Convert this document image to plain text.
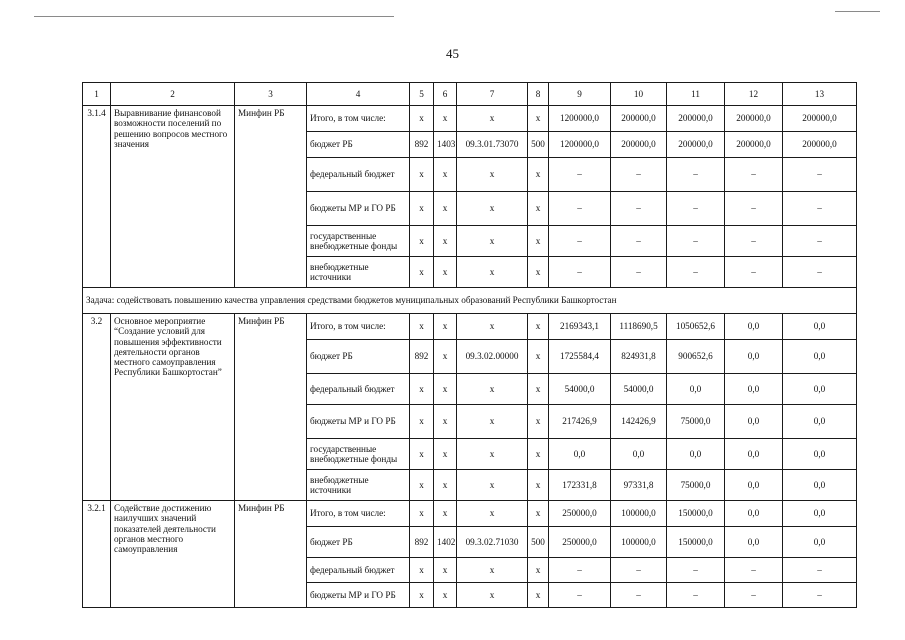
45
1	2	3	4	5	6	7	8	9	10	11	12	13
3.1.4	Выравнивание финансовой возможности поселений по решению вопросов местного значения	Минфин РБ	Итого, в том числе:	х	х	х	х	1200000,0	200000,0	200000,0	200000,0	200000,0
			бюджет РБ	892	1403	09.3.01.73070	500	1200000,0	200000,0	200000,0	200000,0	200000,0
			федеральный бюджет	х	х	х	х	–	–	–	–	–
			бюджеты МР и ГО РБ	х	х	х	х	–	–	–	–	–
			государственные внебюджетные фонды	х	х	х	х	–	–	–	–	–
			внебюджетные источники	х	х	х	х	–	–	–	–	–
Задача: содействовать повышению качества управления средствами бюджетов муниципальных образований Республики Башкортостан												
3.2	Основное мероприятие “Создание условий для повышения эффективности деятельности органов местного самоуправления Республики Башкортостан”	Минфин РБ	Итого, в том числе:	х	х	х	х	2169343,1	1118690,5	1050652,6	0,0	0,0
			бюджет РБ	892	х	09.3.02.00000	х	1725584,4	824931,8	900652,6	0,0	0,0
			федеральный бюджет	х	х	х	х	54000,0	54000,0	0,0	0,0	0,0
			бюджеты МР и ГО РБ	х	х	х	х	217426,9	142426,9	75000,0	0,0	0,0
			государственные внебюджетные фонды	х	х	х	х	0,0	0,0	0,0	0,0	0,0
			внебюджетные источники	х	х	х	х	172331,8	97331,8	75000,0	0,0	0,0
3.2.1	Содействие достижению наилучших значений показателей деятельности органов местного самоуправления	Минфин РБ	Итого, в том числе:	х	х	х	х	250000,0	100000,0	150000,0	0,0	0,0
			бюджет РБ	892	1402	09.3.02.71030	500	250000,0	100000,0	150000,0	0,0	0,0
			федеральный бюджет	х	х	х	х	–	–	–	–	–
			бюджеты МР и ГО РБ	х	х	х	х	–	–	–	–	–
